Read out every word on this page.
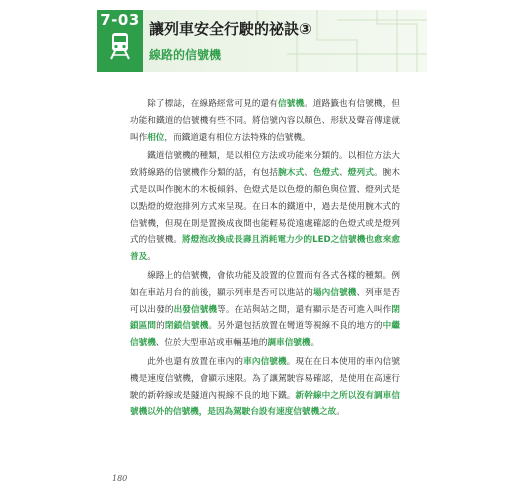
7-03 讓列車安全行駛的祕訣③
線路的信號機

除了標誌，在線路經常可見的還有信號機。道路籤也有信號機，但功能和鐵道的信號機有些不同。將信號內容以顏色、形狀及聲音傳達就叫作相位，而鐵道還有相位方法特殊的信號機。

鐵道信號機的種類，是以相位方法或功能來分類的。以相位方法大致將線路的信號機作分類的話，有包括腕木式、色燈式、燈列式。腕木式是以叫作腕木的木板傾斜、色燈式是以色燈的顏色與位置、燈列式是以點燈的燈泡排列方式來呈現。在日本的鐵道中，過去是使用腕木式的信號機，但現在則是置換成夜間也能輕易從遠處確認的色燈式或是燈列式的信號機。將燈泡改換成長壽且消耗電力少的LED之信號機也愈來愈普及。

線路上的信號機，會依功能及設置的位置而有各式各樣的種類。例如在車站月台的前後，顯示列車是否可以進站的場內信號機、列車是否可以出發的出發信號機等。在站與站之間，還有顯示是否可進入叫作閉鎖區間的閉鎖信號機。另外還包括放置在彎道等視線不良的地方的中繼信號機、位於大型車站或車輛基地的調車信號機。

此外也還有放置在車內的車內信號機。現在在日本使用的車內信號機是速度信號機，會顯示速限。為了讓駕駛容易確認，是使用在高速行駛的新幹線或是隧道內視線不良的地下鐵。新幹線中之所以沒有調車信號機以外的信號機，是因為駕駛台設有速度信號機之故。

180
